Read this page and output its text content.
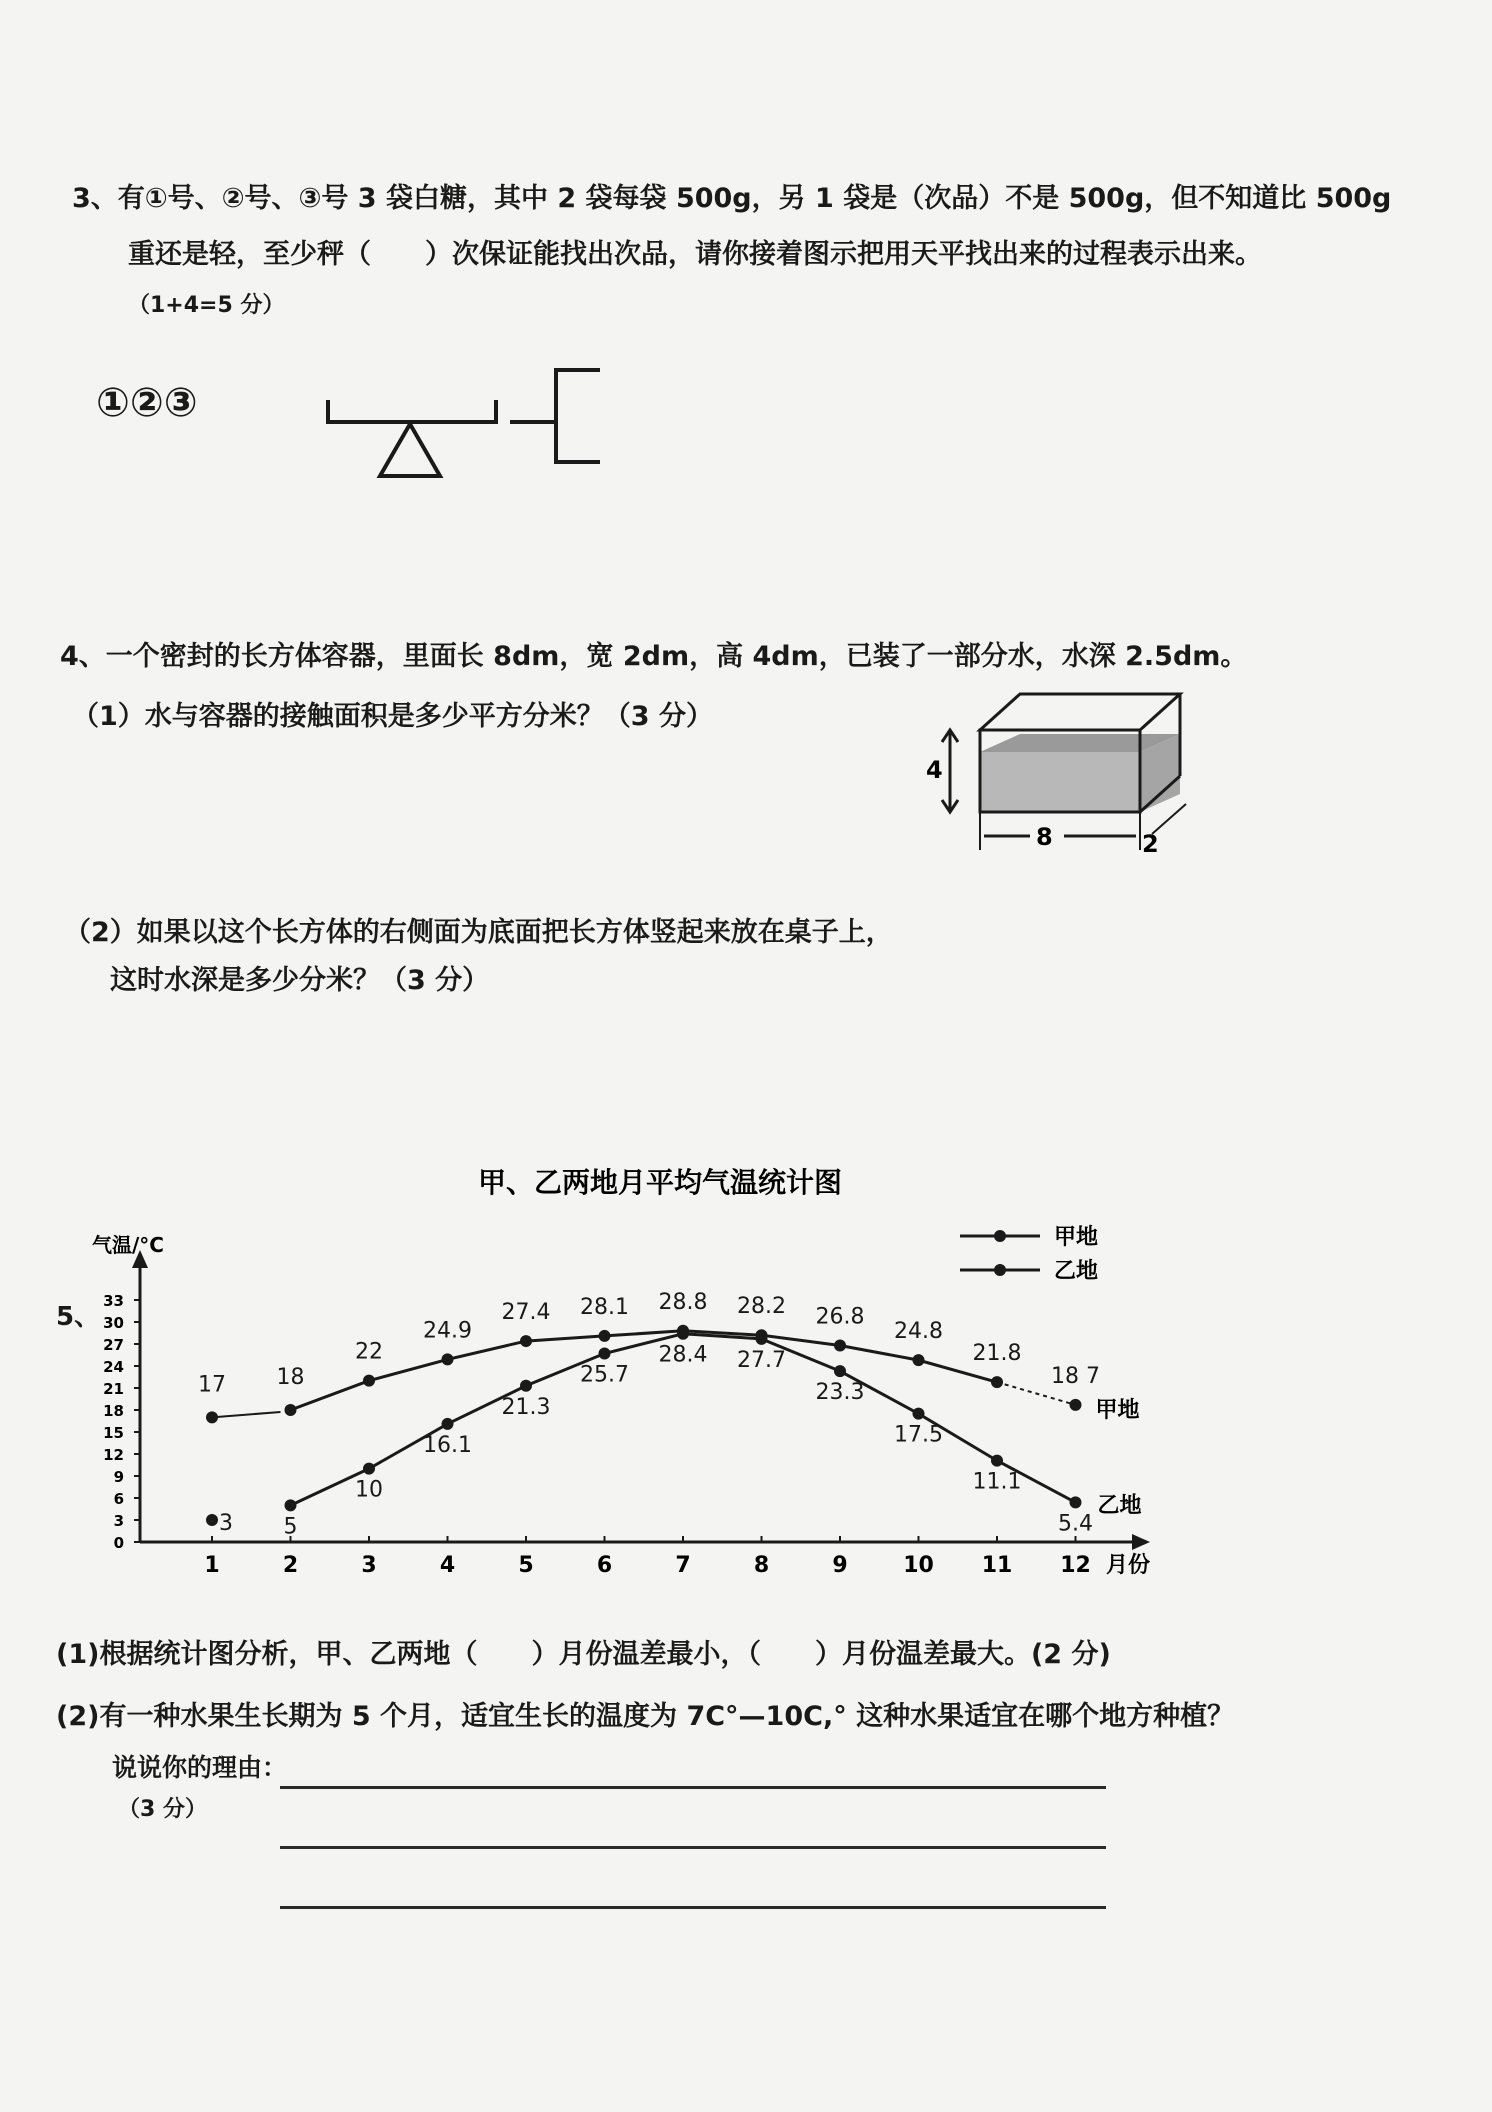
3、有①号、②号、③号 3 袋白糖，其中 2 袋每袋 500g，另 1 袋是（次品）不是 500g，但不知道比 500g
重还是轻，至少秤（　　）次保证能找出次品，请你接着图示把用天平找出来的过程表示出来。
（1+4=5 分）
①②③
4、一个密封的长方体容器，里面长 8dm，宽 2dm，高 4dm，已装了一部分水，水深 2.5dm。
（1）水与容器的接触面积是多少平方分米？（3 分）
4
8	2
（2）如果以这个长方体的右侧面为底面把长方体竖起来放在桌子上，
这时水深是多少分米？（3 分）
5、
甲、乙两地月平均气温统计图
气温/°C
月份
0
3
6
9
12
15
18
21
24
27
30
33
1	2	3	4	5	6	7	8	9	10 11 12
17 18
22
24.9
27.4 28.1 28.8 28.2 26.8
24.8
21.8
18 7
3 5
10
16.1
21.3
25.7
28.4 27.7
23.3
17.5
11.1
5.4
甲地
乙地
甲地
乙地
(1)根据统计图分析，甲、乙两地（　　）月份温差最小，（　　）月份温差最大。(2 分)
(2)有一种水果生长期为 5 个月，适宜生长的温度为 7C°—10C,° 这种水果适宜在哪个地方种植？
说说你的理由：
（3 分）
